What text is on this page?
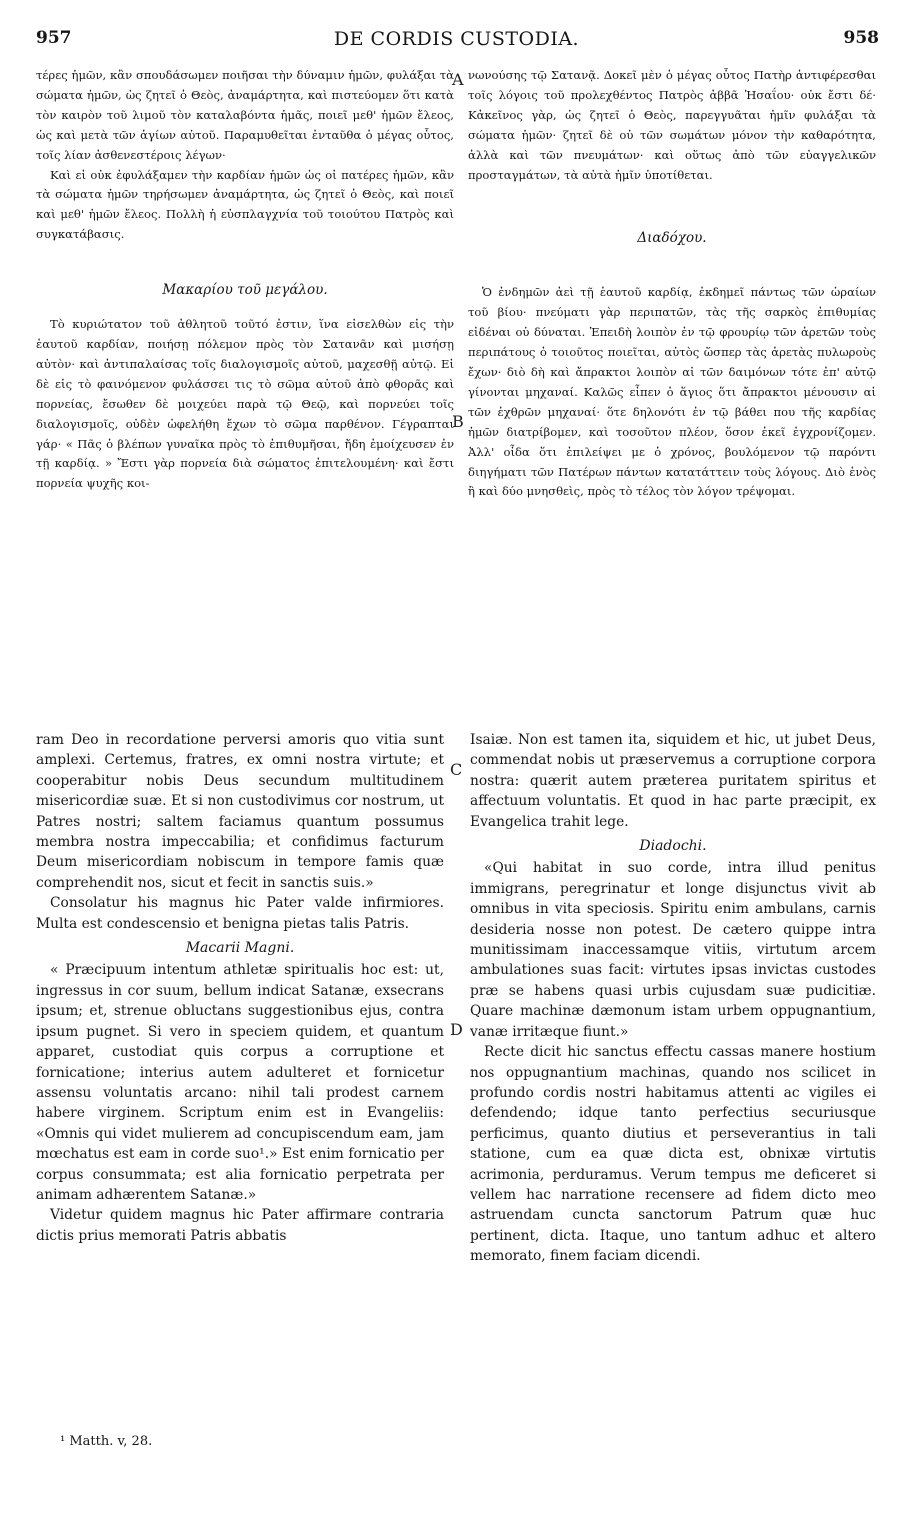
957	DE CORDIS CUSTODIA.	958

τέρες ἡμῶν, κἂν σπουδάσωμεν ποιῆσαι τὴν δύναμιν ἡμῶν, φυλάξαι τὰ σώματα ἡμῶν, ὡς ζητεῖ ὁ Θεὸς, ἀναμάρτητα, καὶ πιστεύομεν ὅτι κατὰ τὸν καιρὸν τοῦ λιμοῦ τὸν καταλαβόντα ἡμᾶς, ποιεῖ μεθ' ἡμῶν ἔλεος, ὡς καὶ μετὰ τῶν ἁγίων αὐτοῦ. Παραμυθεῖται ἐνταῦθα ὁ μέγας οὗτος, τοῖς λίαν ἀσθενεστέροις λέγων·

Καὶ εἰ οὐκ ἐφυλάξαμεν τὴν καρδίαν ἡμῶν ὡς οἱ πατέρες ἡμῶν, κἂν τὰ σώματα ἡμῶν τηρήσωμεν ἀναμάρτητα, ὡς ζητεῖ ὁ Θεὸς, καὶ ποιεῖ καὶ μεθ' ἡμῶν ἔλεος. Πολλὴ ἡ εὐσπλαγχνία τοῦ τοιούτου Πατρὸς καὶ συγκατάβασις.

Μακαρίου τοῦ μεγάλου.

Τὸ κυριώτατον τοῦ ἀθλητοῦ τοῦτό ἐστιν, ἵνα εἰσελθὼν εἰς τὴν ἑαυτοῦ καρδίαν, ποιήσῃ πόλεμον πρὸς τὸν Σατανᾶν καὶ μισήσῃ αὐτὸν· καὶ ἀντιπαλαίσας τοῖς διαλογισμοῖς αὐτοῦ, μαχεσθῇ αὐτῷ. Εἰ δὲ εἰς τὸ φαινόμενον φυλάσσει τις τὸ σῶμα αὐτοῦ ἀπὸ φθορᾶς καὶ πορνείας, ἔσωθεν δὲ μοιχεύει παρὰ τῷ Θεῷ, καὶ πορνεύει τοῖς διαλογισμοῖς, οὐδὲν ὠφελήθη ἔχων τὸ σῶμα παρθένον. Γέγραπται γάρ· « Πᾶς ὁ βλέπων γυναῖκα πρὸς τὸ ἐπιθυμῆσαι, ἤδη ἐμοίχευσεν ἐν τῇ καρδίᾳ. » Ἔστι γὰρ πορνεία διὰ σώματος ἐπιτελουμένη· καὶ ἔστι πορνεία ψυχῆς κοι-

νωνούσης τῷ Σατανᾷ. Δοκεῖ μὲν ὁ μέγας οὗτος Πατὴρ ἀντιφέρεσθαι τοῖς λόγοις τοῦ προλεχθέντος Πατρὸς ἀββᾶ Ἡσαΐου· οὐκ ἔστι δέ· Κἀκεῖνος γὰρ, ὡς ζητεῖ ὁ Θεὸς, παρεγγυᾶται ἡμῖν φυλάξαι τὰ σώματα ἡμῶν· ζητεῖ δὲ οὐ τῶν σωμάτων μόνον τὴν καθαρότητα, ἀλλὰ καὶ τῶν πνευμάτων· καὶ οὕτως ἀπὸ τῶν εὐαγγελικῶν προσταγμάτων, τὰ αὐτὰ ἡμῖν ὑποτίθεται.

Διαδόχου.

Ὁ ἐνδημῶν ἀεὶ τῇ ἑαυτοῦ καρδίᾳ, ἐκδημεῖ πάντως τῶν ὡραίων τοῦ βίου· πνεύματι γὰρ περιπατῶν, τὰς τῆς σαρκὸς ἐπιθυμίας εἰδέναι οὐ δύναται. Ἐπειδὴ λοιπὸν ἐν τῷ φρουρίῳ τῶν ἀρετῶν τοὺς περιπάτους ὁ τοιοῦτος ποιεῖται, αὐτὸς ὥσπερ τὰς ἀρετὰς πυλωροὺς ἔχων· διὸ δὴ καὶ ἄπρακτοι λοιπὸν αἱ τῶν δαιμόνων τότε ἐπ' αὐτῷ γίνονται μηχαναί. Καλῶς εἶπεν ὁ ἅγιος ὅτι ἄπρακτοι μένουσιν αἱ τῶν ἐχθρῶν μηχαναί· ὅτε δηλονότι ἐν τῷ βάθει που τῆς καρδίας ἡμῶν διατρίβομεν, καὶ τοσοῦτον πλέον, ὅσον ἐκεῖ ἐγχρονίζομεν. Ἀλλ' οἶδα ὅτι ἐπιλείψει με ὁ χρόνος, βουλόμενον τῷ παρόντι διηγήματι τῶν Πατέρων πάντων κατατάττειν τοὺς λόγους. Διὸ ἑνὸς ἢ καὶ δύο μνησθεὶς, πρὸς τὸ τέλος τὸν λόγον τρέψομαι.

ram Deo in recordatione perversi amoris quo vitia sunt amplexi. Certemus, fratres, ex omni nostra virtute; et cooperabitur nobis Deus secundum multitudinem misericordiæ suæ. Et si non custodivimus cor nostrum, ut Patres nostri; saltem faciamus quantum possumus membra nostra impeccabilia; et confidimus facturum Deum misericordiam nobiscum in tempore famis quæ comprehendit nos, sicut et fecit in sanctis suis.»

Consolatur his magnus hic Pater valde infirmiores. Multa est condescensio et benigna pietas talis Patris.

Macarii Magni.

« Præcipuum intentum athletæ spiritualis hoc est: ut, ingressus in cor suum, bellum indicat Satanæ, exsecrans ipsum; et, strenue obluctans suggestionibus ejus, contra ipsum pugnet. Si vero in speciem quidem, et quantum apparet, custodiat quis corpus a corruptione et fornicatione; interius autem adulteret et fornicetur assensu voluntatis arcano: nihil tali prodest carnem habere virginem. Scriptum enim est in Evangeliis: «Omnis qui videt mulierem ad concupiscendum eam, jam mœchatus est eam in corde suo¹.» Est enim fornicatio per corpus consummata; est alia fornicatio perpetrata per animam adhærentem Satanæ.»

Videtur quidem magnus hic Pater affirmare contraria dictis prius memorati Patris abbatis

Isaiæ. Non est tamen ita, siquidem et hic, ut jubet Deus, commendat nobis ut præservemus a corruptione corpora nostra: quærit autem præterea puritatem spiritus et affectuum voluntatis. Et quod in hac parte præcipit, ex Evangelica trahit lege.

Diadochi.

«Qui habitat in suo corde, intra illud penitus immigrans, peregrinatur et longe disjunctus vivit ab omnibus in vita speciosis. Spiritu enim ambulans, carnis desideria nosse non potest. De cætero quippe intra munitissimam inaccessamque vitiis, virtutum arcem ambulationes suas facit: virtutes ipsas invictas custodes præ se habens quasi urbis cujusdam suæ pudicitiæ. Quare machinæ dæmonum istam urbem oppugnantium, vanæ irritæque fiunt.»

Recte dicit hic sanctus effectu cassas manere hostium nos oppugnantium machinas, quando nos scilicet in profundo cordis nostri habitamus attenti ac vigiles ei defendendo; idque tanto perfectius securiusque perficimus, quanto diutius et perseverantius in tali statione, cum ea quæ dicta est, obnixæ virtutis acrimonia, perduramus. Verum tempus me deficeret si vellem hac narratione recensere ad fidem dicto meo astruendam cuncta sanctorum Patrum quæ huc pertinent, dicta. Itaque, uno tantum adhuc et altero memorato, finem faciam dicendi.

A
B
C
D
¹ Matth. v, 28.
